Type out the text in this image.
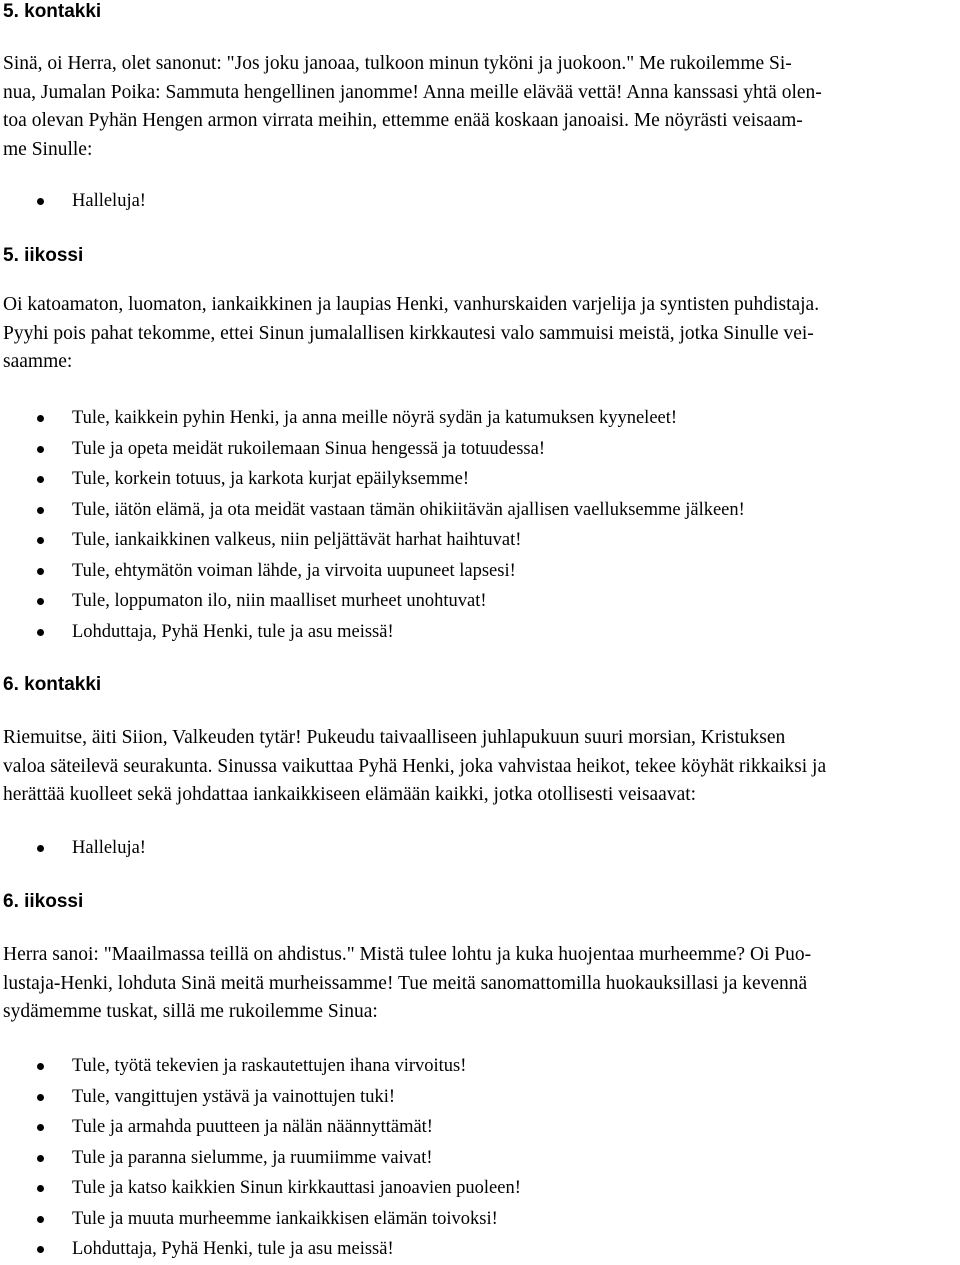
5. kontakki

Sinä, oi Herra, olet sanonut: "Jos joku janoaa, tulkoon minun tyköni ja juokoon." Me rukoilemme Si-
nua, Jumalan Poika: Sammuta hengellinen janomme! Anna meille elävää vettä! Anna kanssasi yhtä olen-
toa olevan Pyhän Hengen armon virrata meihin, ettemme enää koskaan janoaisi. Me nöyrästi veisaam-
me Sinulle:

Halleluja!
5. iikossi

Oi katoamaton, luomaton, iankaikkinen ja laupias Henki, vanhurskaiden varjelija ja syntisten puhdistaja.
Pyyhi pois pahat tekomme, ettei Sinun jumalallisen kirkkautesi valo sammuisi meistä, jotka Sinulle vei-
saamme:

Tule, kaikkein pyhin Henki, ja anna meille nöyrä sydän ja katumuksen kyyneleet!
Tule ja opeta meidät rukoilemaan Sinua hengessä ja totuudessa!
Tule, korkein totuus, ja karkota kurjat epäilyksemme!
Tule, iätön elämä, ja ota meidät vastaan tämän ohikiitävän ajallisen vaelluksemme jälkeen!
Tule, iankaikkinen valkeus, niin peljättävät harhat haihtuvat!
Tule, ehtymätön voiman lähde, ja virvoita uupuneet lapsesi!
Tule, loppumaton ilo, niin maalliset murheet unohtuvat!
Lohduttaja, Pyhä Henki, tule ja asu meissä!
6. kontakki

Riemuitse, äiti Siion, Valkeuden tytär! Pukeudu taivaalliseen juhlapukuun suuri morsian, Kristuksen
valoa säteilevä seurakunta. Sinussa vaikuttaa Pyhä Henki, joka vahvistaa heikot, tekee köyhät rikkaiksi ja
herättää kuolleet sekä johdattaa iankaikkiseen elämään kaikki, jotka otollisesti veisaavat:

Halleluja!
6. iikossi

Herra sanoi: "Maailmassa teillä on ahdistus." Mistä tulee lohtu ja kuka huojentaa murheemme? Oi Puo-
lustaja-Henki, lohduta Sinä meitä murheissamme! Tue meitä sanomattomilla huokauksillasi ja kevennä
sydämemme tuskat, sillä me rukoilemme Sinua:

Tule, työtä tekevien ja raskautettujen ihana virvoitus!
Tule, vangittujen ystävä ja vainottujen tuki!
Tule ja armahda puutteen ja nälän näännyttämät!
Tule ja paranna sielumme, ja ruumiimme vaivat!
Tule ja katso kaikkien Sinun kirkkauttasi janoavien puoleen!
Tule ja muuta murheemme iankaikkisen elämän toivoksi!
Lohduttaja, Pyhä Henki, tule ja asu meissä!
